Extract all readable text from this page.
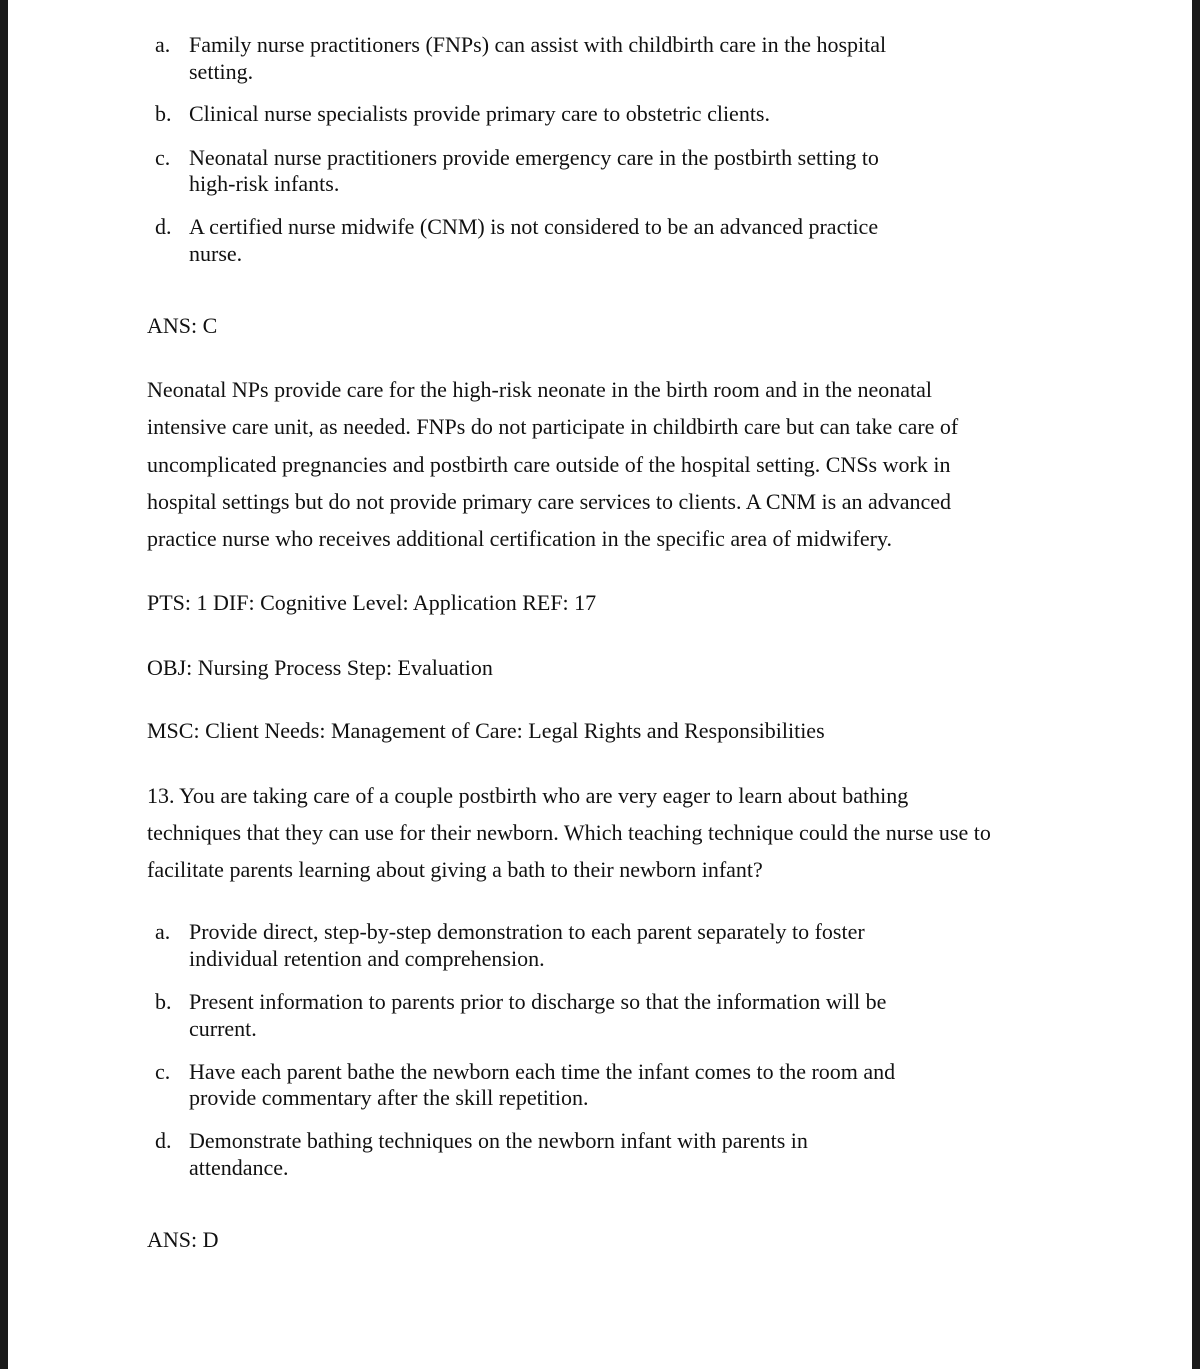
a. Family nurse practitioners (FNPs) can assist with childbirth care in the hospital
setting.
b. Clinical nurse specialists provide primary care to obstetric clients.
c. Neonatal nurse practitioners provide emergency care in the postbirth setting to
high-risk infants.
d. A certified nurse midwife (CNM) is not considered to be an advanced practice
nurse.
ANS: C
Neonatal NPs provide care for the high-risk neonate in the birth room and in the neonatal
intensive care unit, as needed. FNPs do not participate in childbirth care but can take care of
uncomplicated pregnancies and postbirth care outside of the hospital setting. CNSs work in
hospital settings but do not provide primary care services to clients. A CNM is an advanced
practice nurse who receives additional certification in the specific area of midwifery.
PTS: 1 DIF: Cognitive Level: Application REF: 17
OBJ: Nursing Process Step: Evaluation
MSC: Client Needs: Management of Care: Legal Rights and Responsibilities
13. You are taking care of a couple postbirth who are very eager to learn about bathing
techniques that they can use for their newborn. Which teaching technique could the nurse use to
facilitate parents learning about giving a bath to their newborn infant?
a. Provide direct, step-by-step demonstration to each parent separately to foster
individual retention and comprehension.
b. Present information to parents prior to discharge so that the information will be
current.
c. Have each parent bathe the newborn each time the infant comes to the room and
provide commentary after the skill repetition.
d. Demonstrate bathing techniques on the newborn infant with parents in
attendance.
ANS: D
